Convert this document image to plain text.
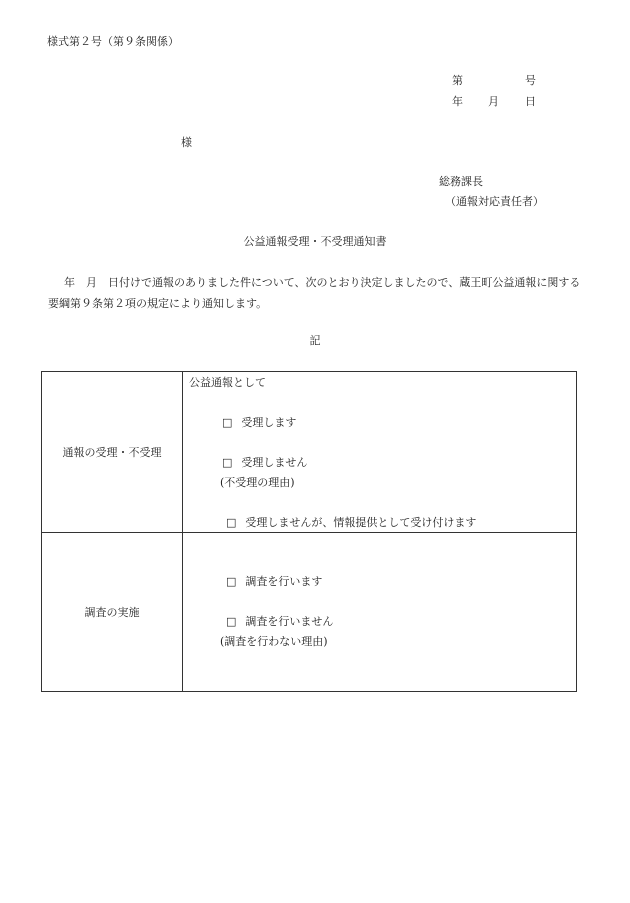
様式第２号（第９条関係）
第	号
年 月 日
様
総務課長
（通報対応責任者）
公益通報受理・不受理通知書
年　月　日付けで通報のありました件について、次のとおり決定しましたので、蔵王町公益通報に関する要綱第９条第２項の規定により通知します。
記
通報の受理・不受理
公益通報として
□ 受理します
□ 受理しません
(不受理の理由)
□ 受理しませんが、情報提供として受け付けます
調査の実施
□ 調査を行います
□ 調査を行いません
(調査を行わない理由)
